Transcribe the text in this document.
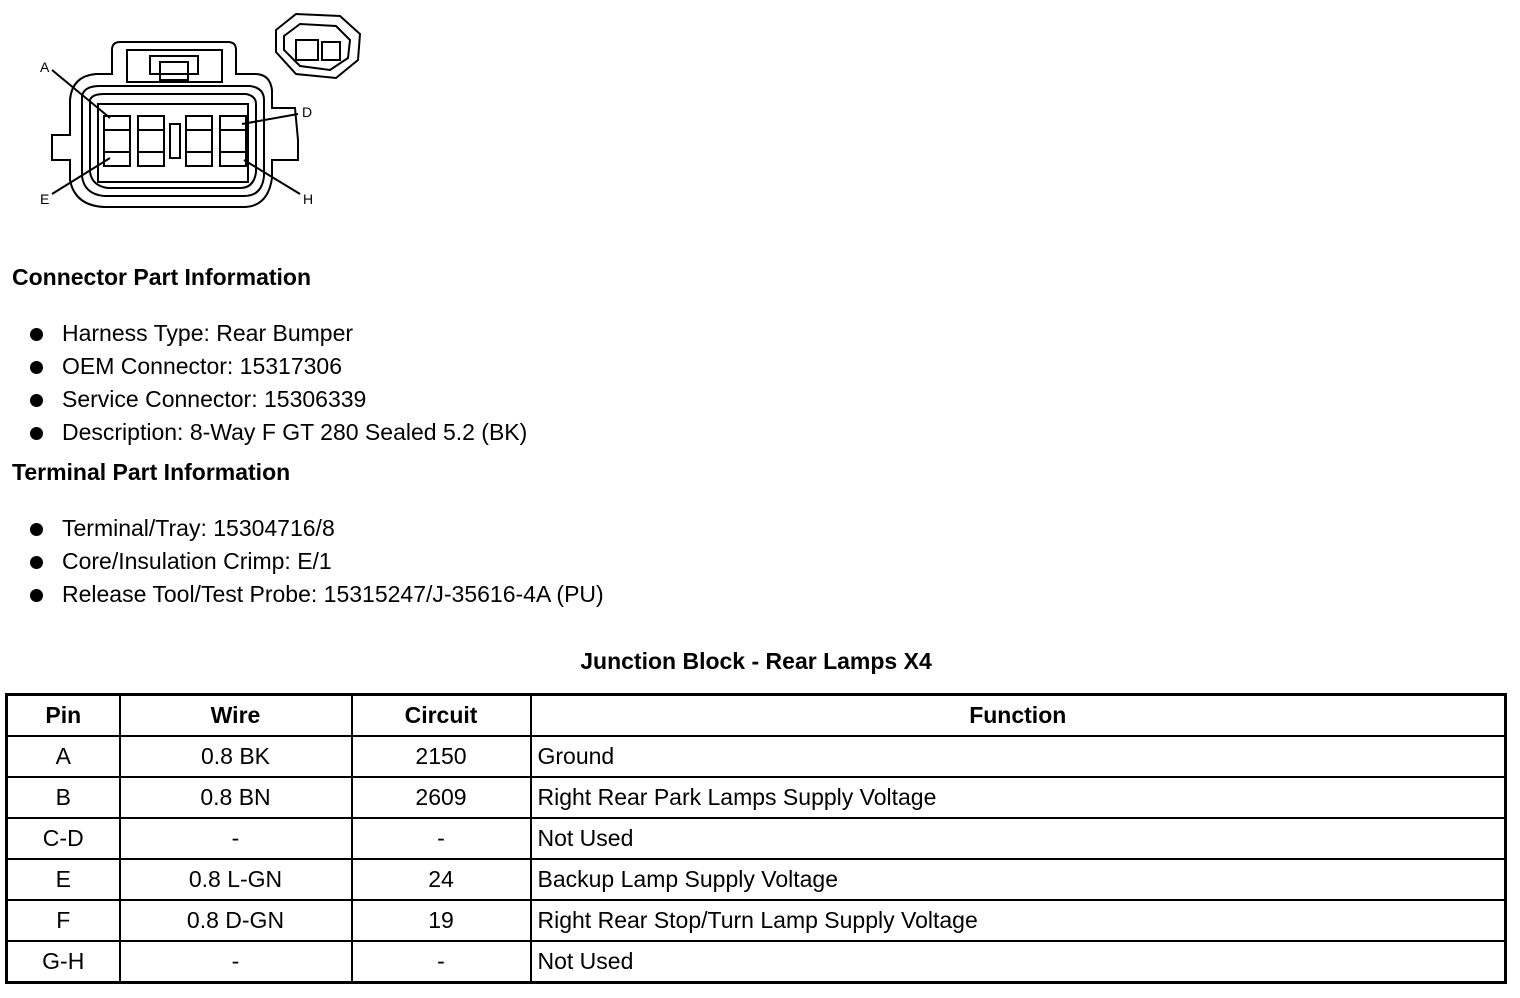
A
D
E	H
Connector Part Information
Harness Type: Rear Bumper
OEM Connector: 15317306
Service Connector: 15306339
Description: 8-Way F GT 280 Sealed 5.2 (BK)
Terminal Part Information
Terminal/Tray: 15304716/8
Core/Insulation Crimp: E/1
Release Tool/Test Probe: 15315247/J-35616-4A (PU)
Junction Block - Rear Lamps X4
Pin	Wire	Circuit	Function
A	0.8 BK	2150	Ground
B	0.8 BN	2609	Right Rear Park Lamps Supply Voltage
C-D	-	-	Not Used
E	0.8 L-GN	24	Backup Lamp Supply Voltage
F	0.8 D-GN	19	Right Rear Stop/Turn Lamp Supply Voltage
G-H	-	-	Not Used
